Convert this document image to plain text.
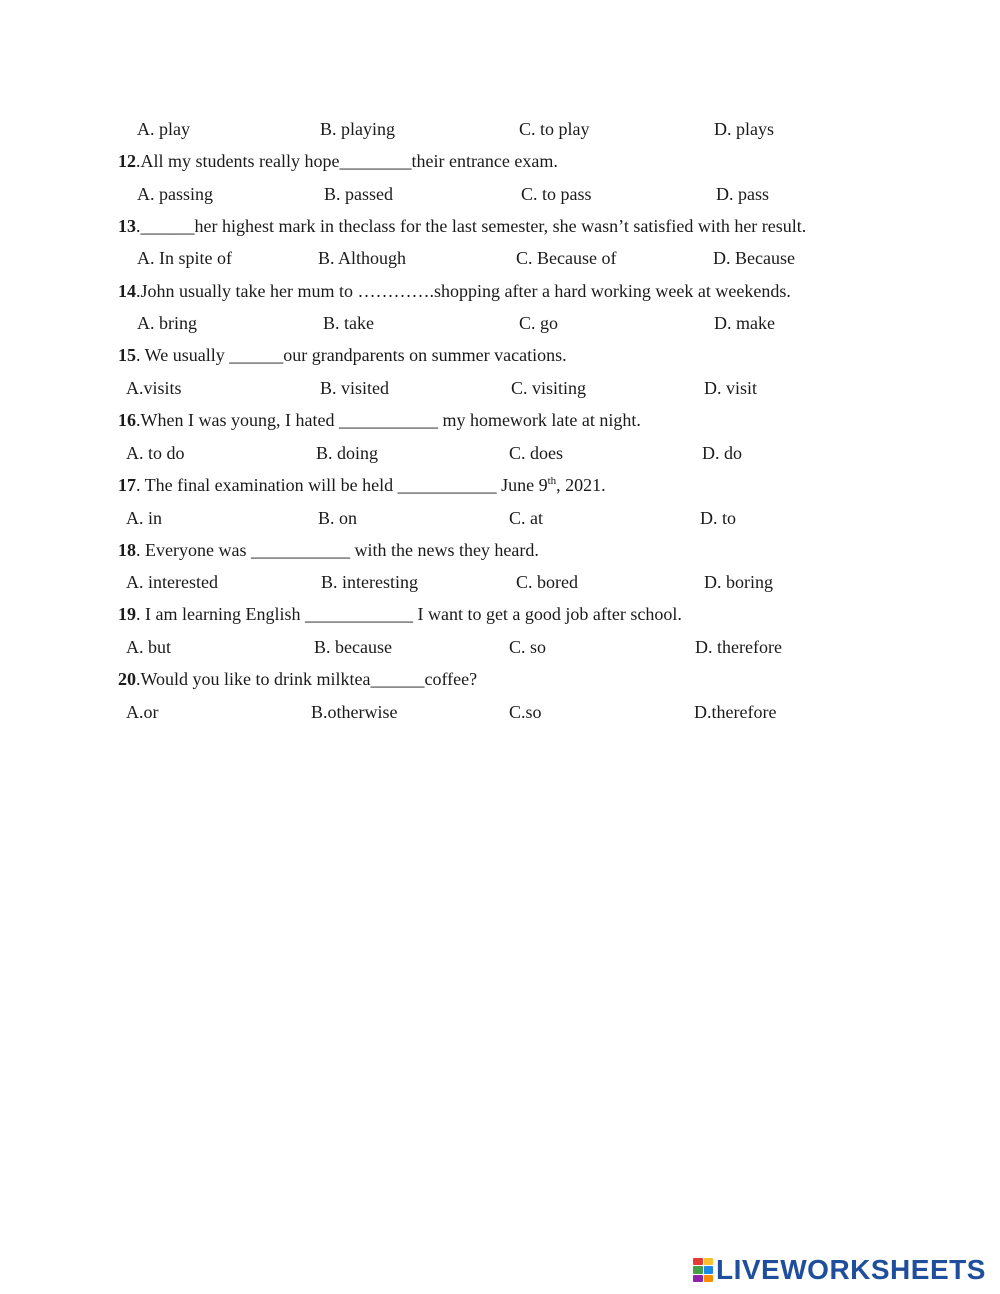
A. play	B. playing	C. to play	D. plays
12.All my students really hope________their entrance exam.
A. passing	B. passed	C. to pass	D. pass
13.______her highest mark in theclass for the last semester, she wasn’t satisfied with her result.
A. In spite of	B. Although	C. Because of	D. Because
14.John usually take her mum to ………….shopping after a hard working week at weekends.
A. bring	B. take	C. go	D. make
15. We usually ______our grandparents on summer vacations.
A.visits	B. visited	C. visiting	D. visit
16.When I was young, I hated ___________ my homework late at night.
A. to do	B. doing	C. does	D. do
17. The final examination will be held ___________ June 9th, 2021.
A. in	B. on	C. at	D. to
18. Everyone was ___________ with the news they heard.
A. interested	B. interesting	C. bored	D. boring
19. I am learning English ____________ I want to get a good job after school.
A. but	B. because	C. so	D. therefore
20.Would you like to drink milktea______coffee?
A.or	B.otherwise	C.so	D.therefore
LIVEWORKSHEETS
